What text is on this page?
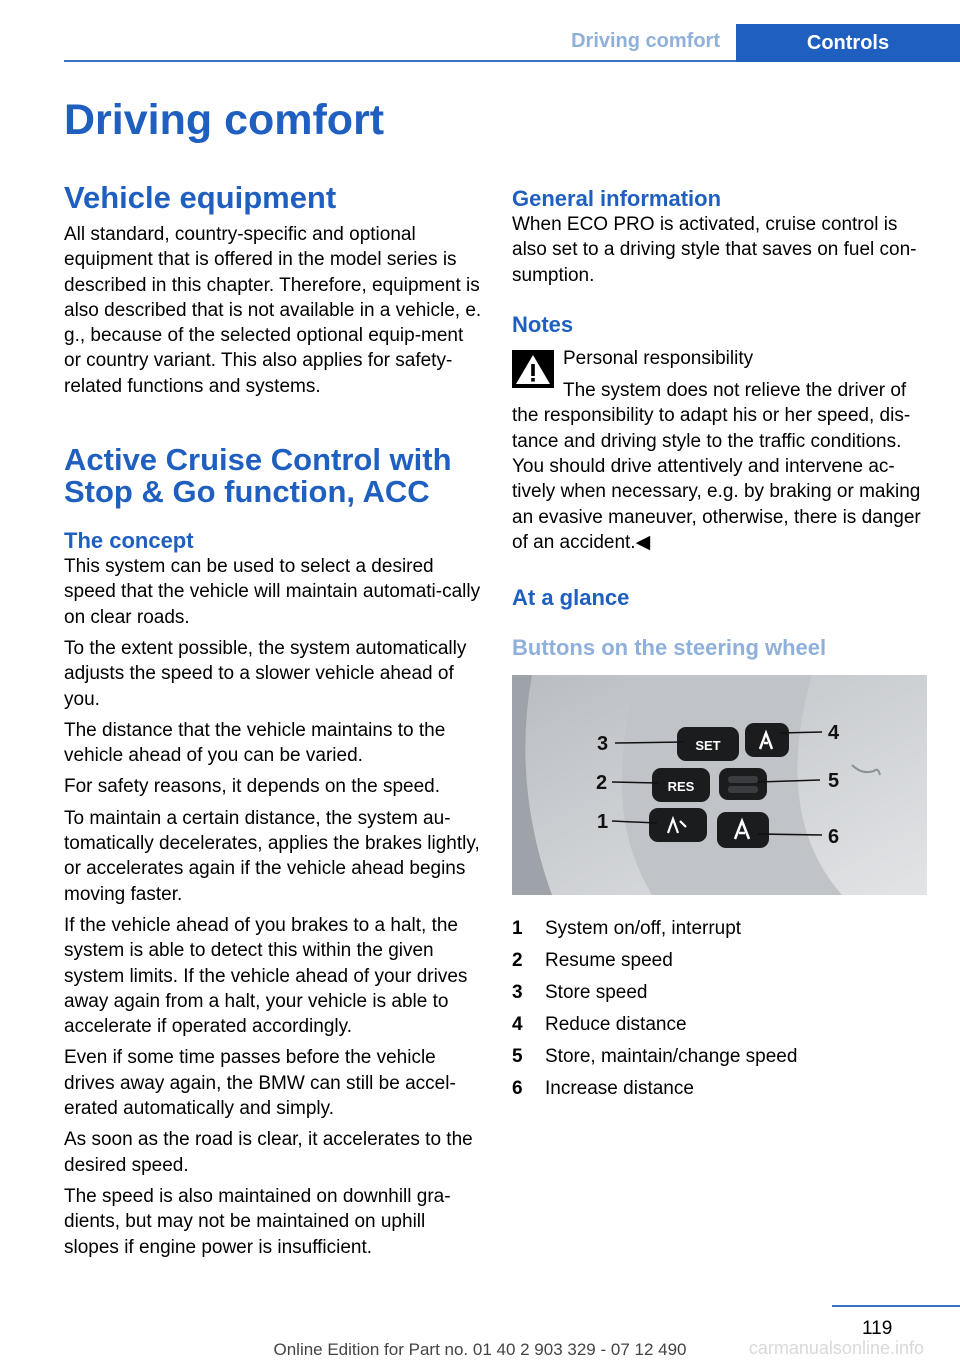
Driving comfort	Controls
Driving comfort
Vehicle equipment

All standard, country-specific and optional equipment that is offered in the model series is described in this chapter. Therefore, equipment is also described that is not available in a vehicle, e. g., because of the selected optional equip‐ment or country variant. This also applies for safety-related functions and systems.

Active Cruise Control with Stop & Go function, ACC
The concept

This system can be used to select a desired speed that the vehicle will maintain automati‐cally on clear roads.

To the extent possible, the system automatically adjusts the speed to a slower vehicle ahead of you.

The distance that the vehicle maintains to the vehicle ahead of you can be varied.

For safety reasons, it depends on the speed.

To maintain a certain distance, the system au‐tomatically decelerates, applies the brakes lightly, or accelerates again if the vehicle ahead begins moving faster.

If the vehicle ahead of you brakes to a halt, the system is able to detect this within the given system limits. If the vehicle ahead of your drives away again from a halt, your vehicle is able to accelerate if operated accordingly.

Even if some time passes before the vehicle drives away again, the BMW can still be accel‐erated automatically and simply.

As soon as the road is clear, it accelerates to the desired speed.

The speed is also maintained on downhill gra‐dients, but may not be maintained on uphill slopes if engine power is insufficient.

General information

When ECO PRO is activated, cruise control is also set to a driving style that saves on fuel con‐sumption.

Notes

Personal responsibility

The system does not relieve the driver of

the responsibility to adapt his or her speed, dis‐tance and driving style to the traffic conditions. You should drive attentively and intervene ac‐tively when necessary, e.g. by braking or making an evasive maneuver, otherwise, there is danger of an accident.◀

At a glance
Buttons on the steering wheel
SET
RES
3	4
2	5
1
6
1	System on/off, interrupt
2	Resume speed
3	Store speed
4	Reduce distance
5	Store, maintain/change speed
6	Increase distance
119
Online Edition for Part no. 01 40 2 903 329 - 07 12 490	carmanualsonline.info
